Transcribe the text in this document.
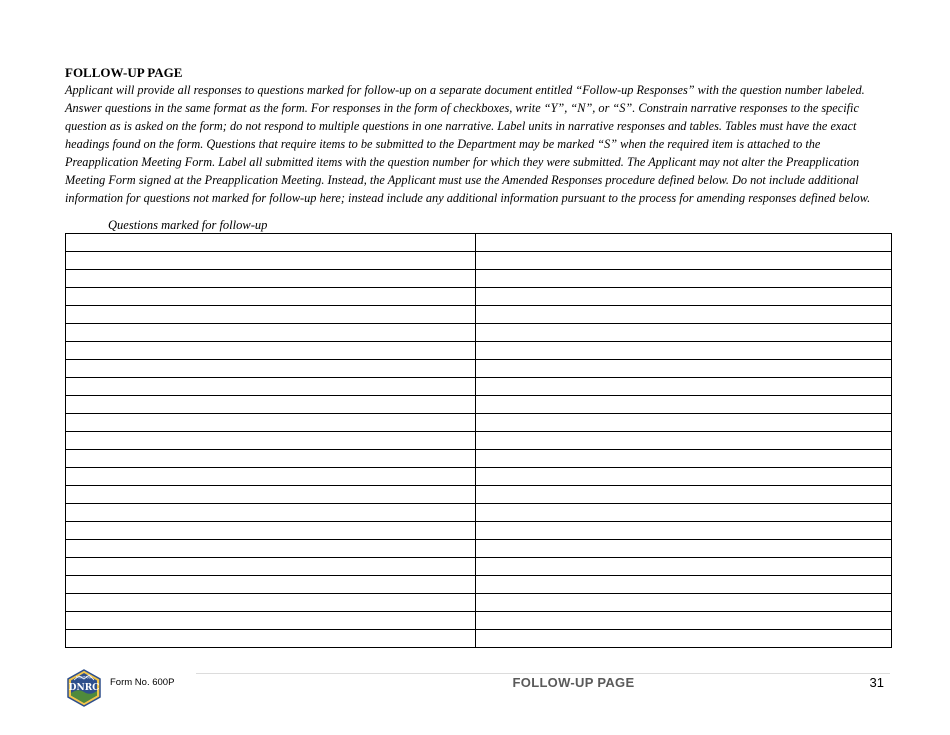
FOLLOW-UP PAGE

Applicant will provide all responses to questions marked for follow-up on a separate document entitled “Follow-up Responses” with the question number labeled. Answer questions in the same format as the form. For responses in the form of checkboxes, write “Y”, “N”, or “S”. Constrain narrative responses to the specific question as is asked on the form; do not respond to multiple questions in one narrative. Label units in narrative responses and tables. Tables must have the exact headings found on the form. Questions that require items to be submitted to the Department may be marked “S” when the required item is attached to the Preapplication Meeting Form. Label all submitted items with the question number for which they were submitted. The Applicant may not alter the Preapplication Meeting Form signed at the Preapplication Meeting. Instead, the Applicant must use the Amended Responses procedure defined below. Do not include additional information for questions not marked for follow-up here; instead include any additional information pursuant to the process for amending responses defined below.

Questions marked for follow-up

MONTANA
DNRC Form No. 600P	FOLLOW-UP PAGE	31
